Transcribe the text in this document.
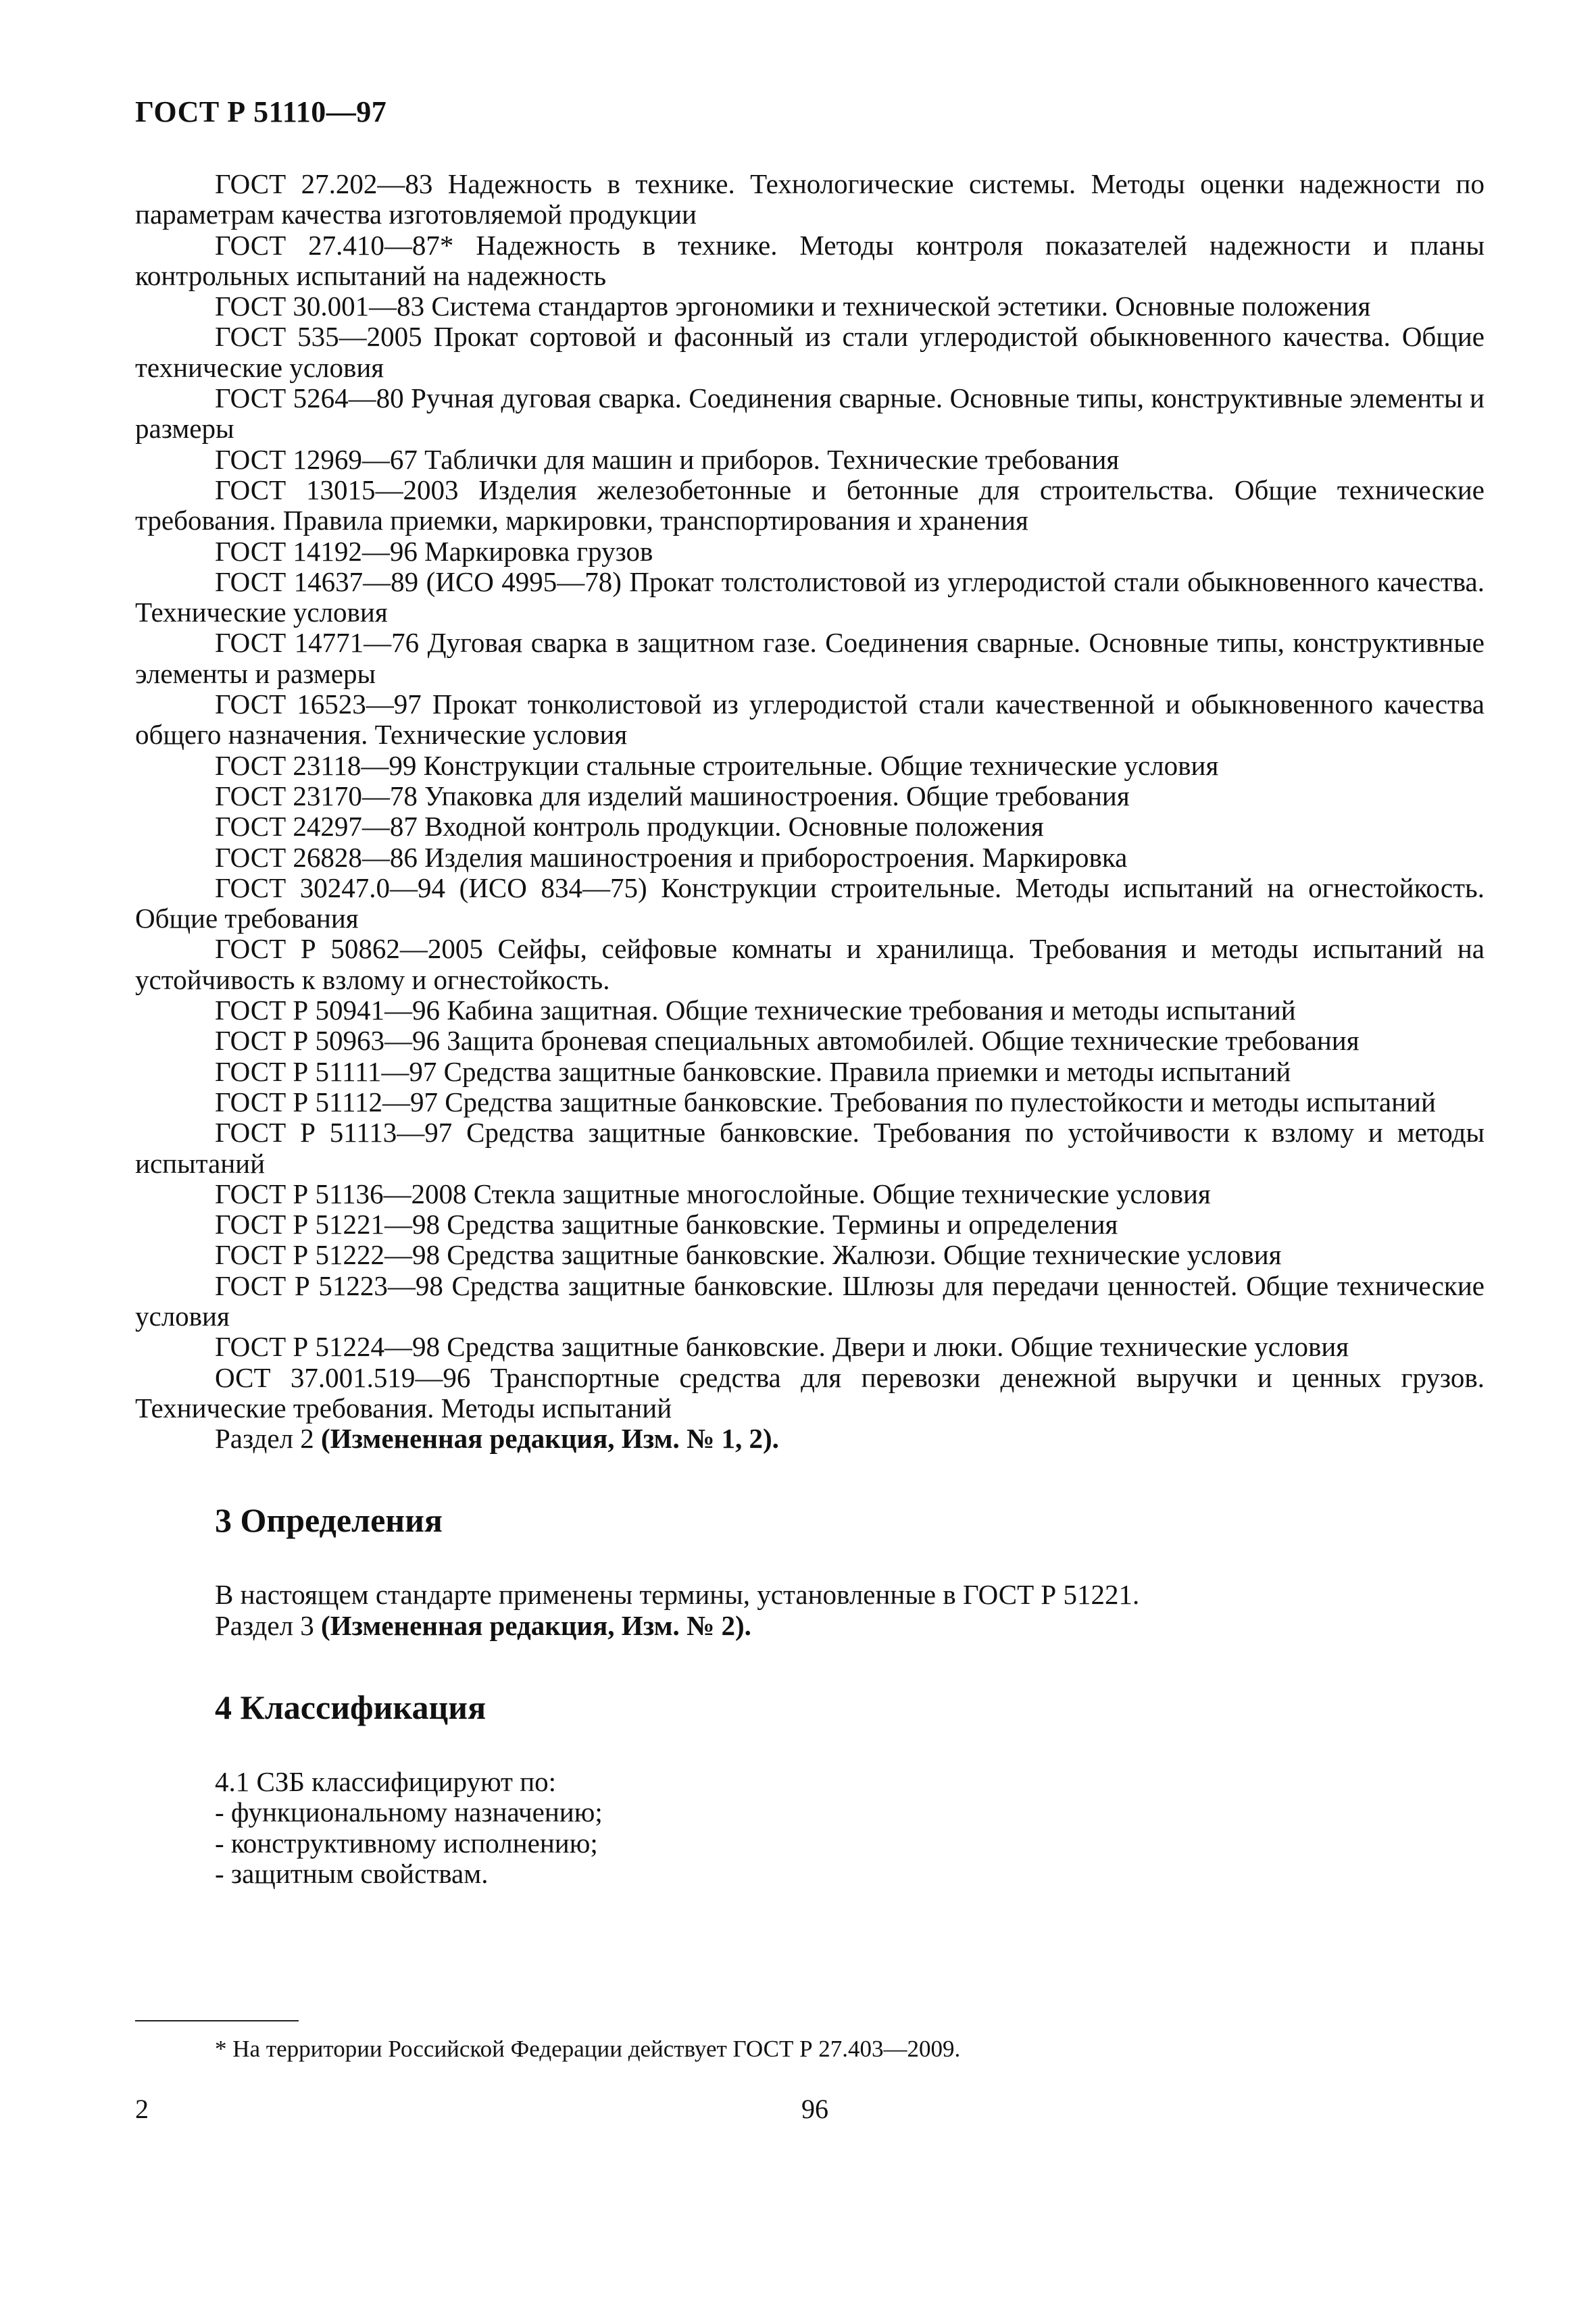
ГОСТ Р 51110—97

ГОСТ 27.202—83 Надежность в технике. Технологические системы. Методы оценки надежности по параметрам качества изготовляемой продукции

ГОСТ 27.410—87* Надежность в технике. Методы контроля показателей надежности и планы контрольных испытаний на надежность

ГОСТ 30.001—83 Система стандартов эргономики и технической эстетики. Основные положения

ГОСТ 535—2005 Прокат сортовой и фасонный из стали углеродистой обыкновенного качества. Общие технические условия

ГОСТ 5264—80 Ручная дуговая сварка. Соединения сварные. Основные типы, конструктивные элементы и размеры

ГОСТ 12969—67 Таблички для машин и приборов. Технические требования

ГОСТ 13015—2003 Изделия железобетонные и бетонные для строительства. Общие технические требования. Правила приемки, маркировки, транспортирования и хранения

ГОСТ 14192—96 Маркировка грузов

ГОСТ 14637—89 (ИСО 4995—78) Прокат толстолистовой из углеродистой стали обыкновенного качества. Технические условия

ГОСТ 14771—76 Дуговая сварка в защитном газе. Соединения сварные. Основные типы, конструктивные элементы и размеры

ГОСТ 16523—97 Прокат тонколистовой из углеродистой стали качественной и обыкновенного качества общего назначения. Технические условия

ГОСТ 23118—99 Конструкции стальные строительные. Общие технические условия

ГОСТ 23170—78 Упаковка для изделий машиностроения. Общие требования

ГОСТ 24297—87 Входной контроль продукции. Основные положения

ГОСТ 26828—86 Изделия машиностроения и приборостроения. Маркировка

ГОСТ 30247.0—94 (ИСО 834—75) Конструкции строительные. Методы испытаний на огнестойкость. Общие требования

ГОСТ Р 50862—2005 Сейфы, сейфовые комнаты и хранилища. Требования и методы испытаний на устойчивость к взлому и огнестойкость.

ГОСТ Р 50941—96 Кабина защитная. Общие технические требования и методы испытаний

ГОСТ Р 50963—96 Защита броневая специальных автомобилей. Общие технические требования

ГОСТ Р 51111—97 Средства защитные банковские. Правила приемки и методы испытаний

ГОСТ Р 51112—97 Средства защитные банковские. Требования по пулестойкости и методы испытаний

ГОСТ Р 51113—97 Средства защитные банковские. Требования по устойчивости к взлому и методы испытаний

ГОСТ Р 51136—2008 Стекла защитные многослойные. Общие технические условия

ГОСТ Р 51221—98 Средства защитные банковские. Термины и определения

ГОСТ Р 51222—98 Средства защитные банковские. Жалюзи. Общие технические условия

ГОСТ Р 51223—98 Средства защитные банковские. Шлюзы для передачи ценностей. Общие технические условия

ГОСТ Р 51224—98 Средства защитные банковские. Двери и люки. Общие технические условия

ОСТ 37.001.519—96 Транспортные средства для перевозки денежной выручки и ценных грузов. Технические требования. Методы испытаний

Раздел 2 (Измененная редакция, Изм. № 1, 2).

3 Определения

В настоящем стандарте применены термины, установленные в ГОСТ Р 51221.

Раздел 3 (Измененная редакция, Изм. № 2).

4 Классификация

4.1 СЗБ классифицируют по:

- функциональному назначению;

- конструктивному исполнению;

- защитным свойствам.

* На территории Российской Федерации действует ГОСТ Р 27.403—2009.
2	96
